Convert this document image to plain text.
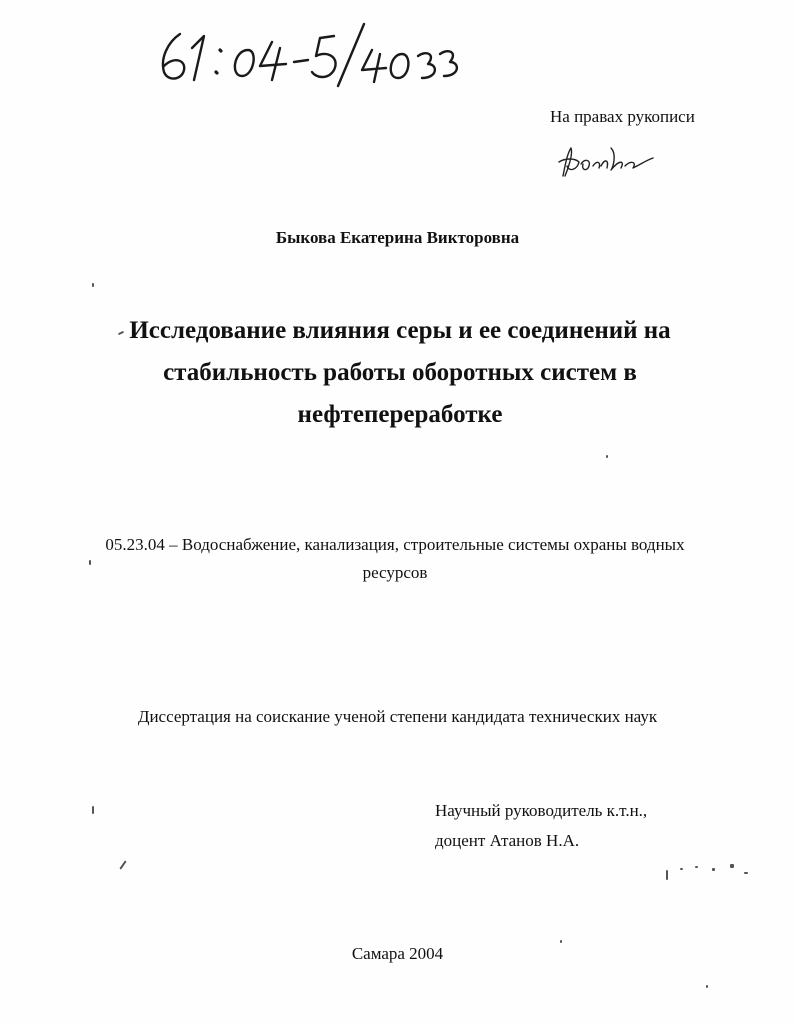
На правах рукописи
Быкова Екатерина Викторовна
Исследование влияния серы и ее соединений на
стабильность работы оборотных систем в
нефтепереработке
05.23.04 – Водоснабжение, канализация, строительные системы охраны водных
ресурсов
Диссертация на соискание ученой степени кандидата технических наук
Научный руководитель к.т.н.,
доцент Атанов Н.А.
Самара 2004
